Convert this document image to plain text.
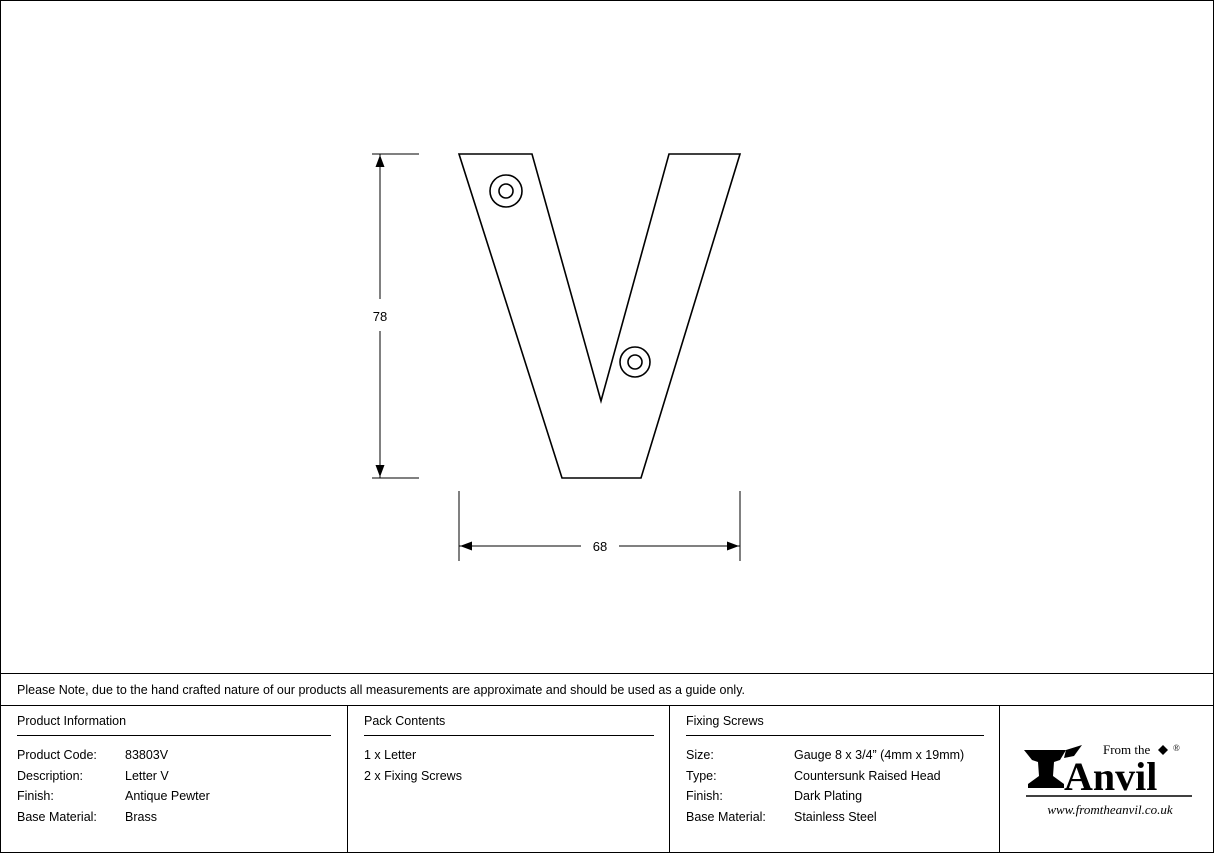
78
68
Please Note, due to the hand crafted nature of our products all measurements are approximate and should be used as a guide only.
Product Information
Product Code: 83803V
Description:	Letter V
Finish:	Antique Pewter
Base Material: Brass
Pack Contents
1 x Letter
2 x Fixing Screws
Fixing Screws
Size:	Gauge 8 x 3/4” (4mm x 19mm)
Type:	Countersunk Raised Head
Finish:	Dark Plating
Base Material: Stainless Steel
From the	®
Anvil
www.fromtheanvil.co.uk
